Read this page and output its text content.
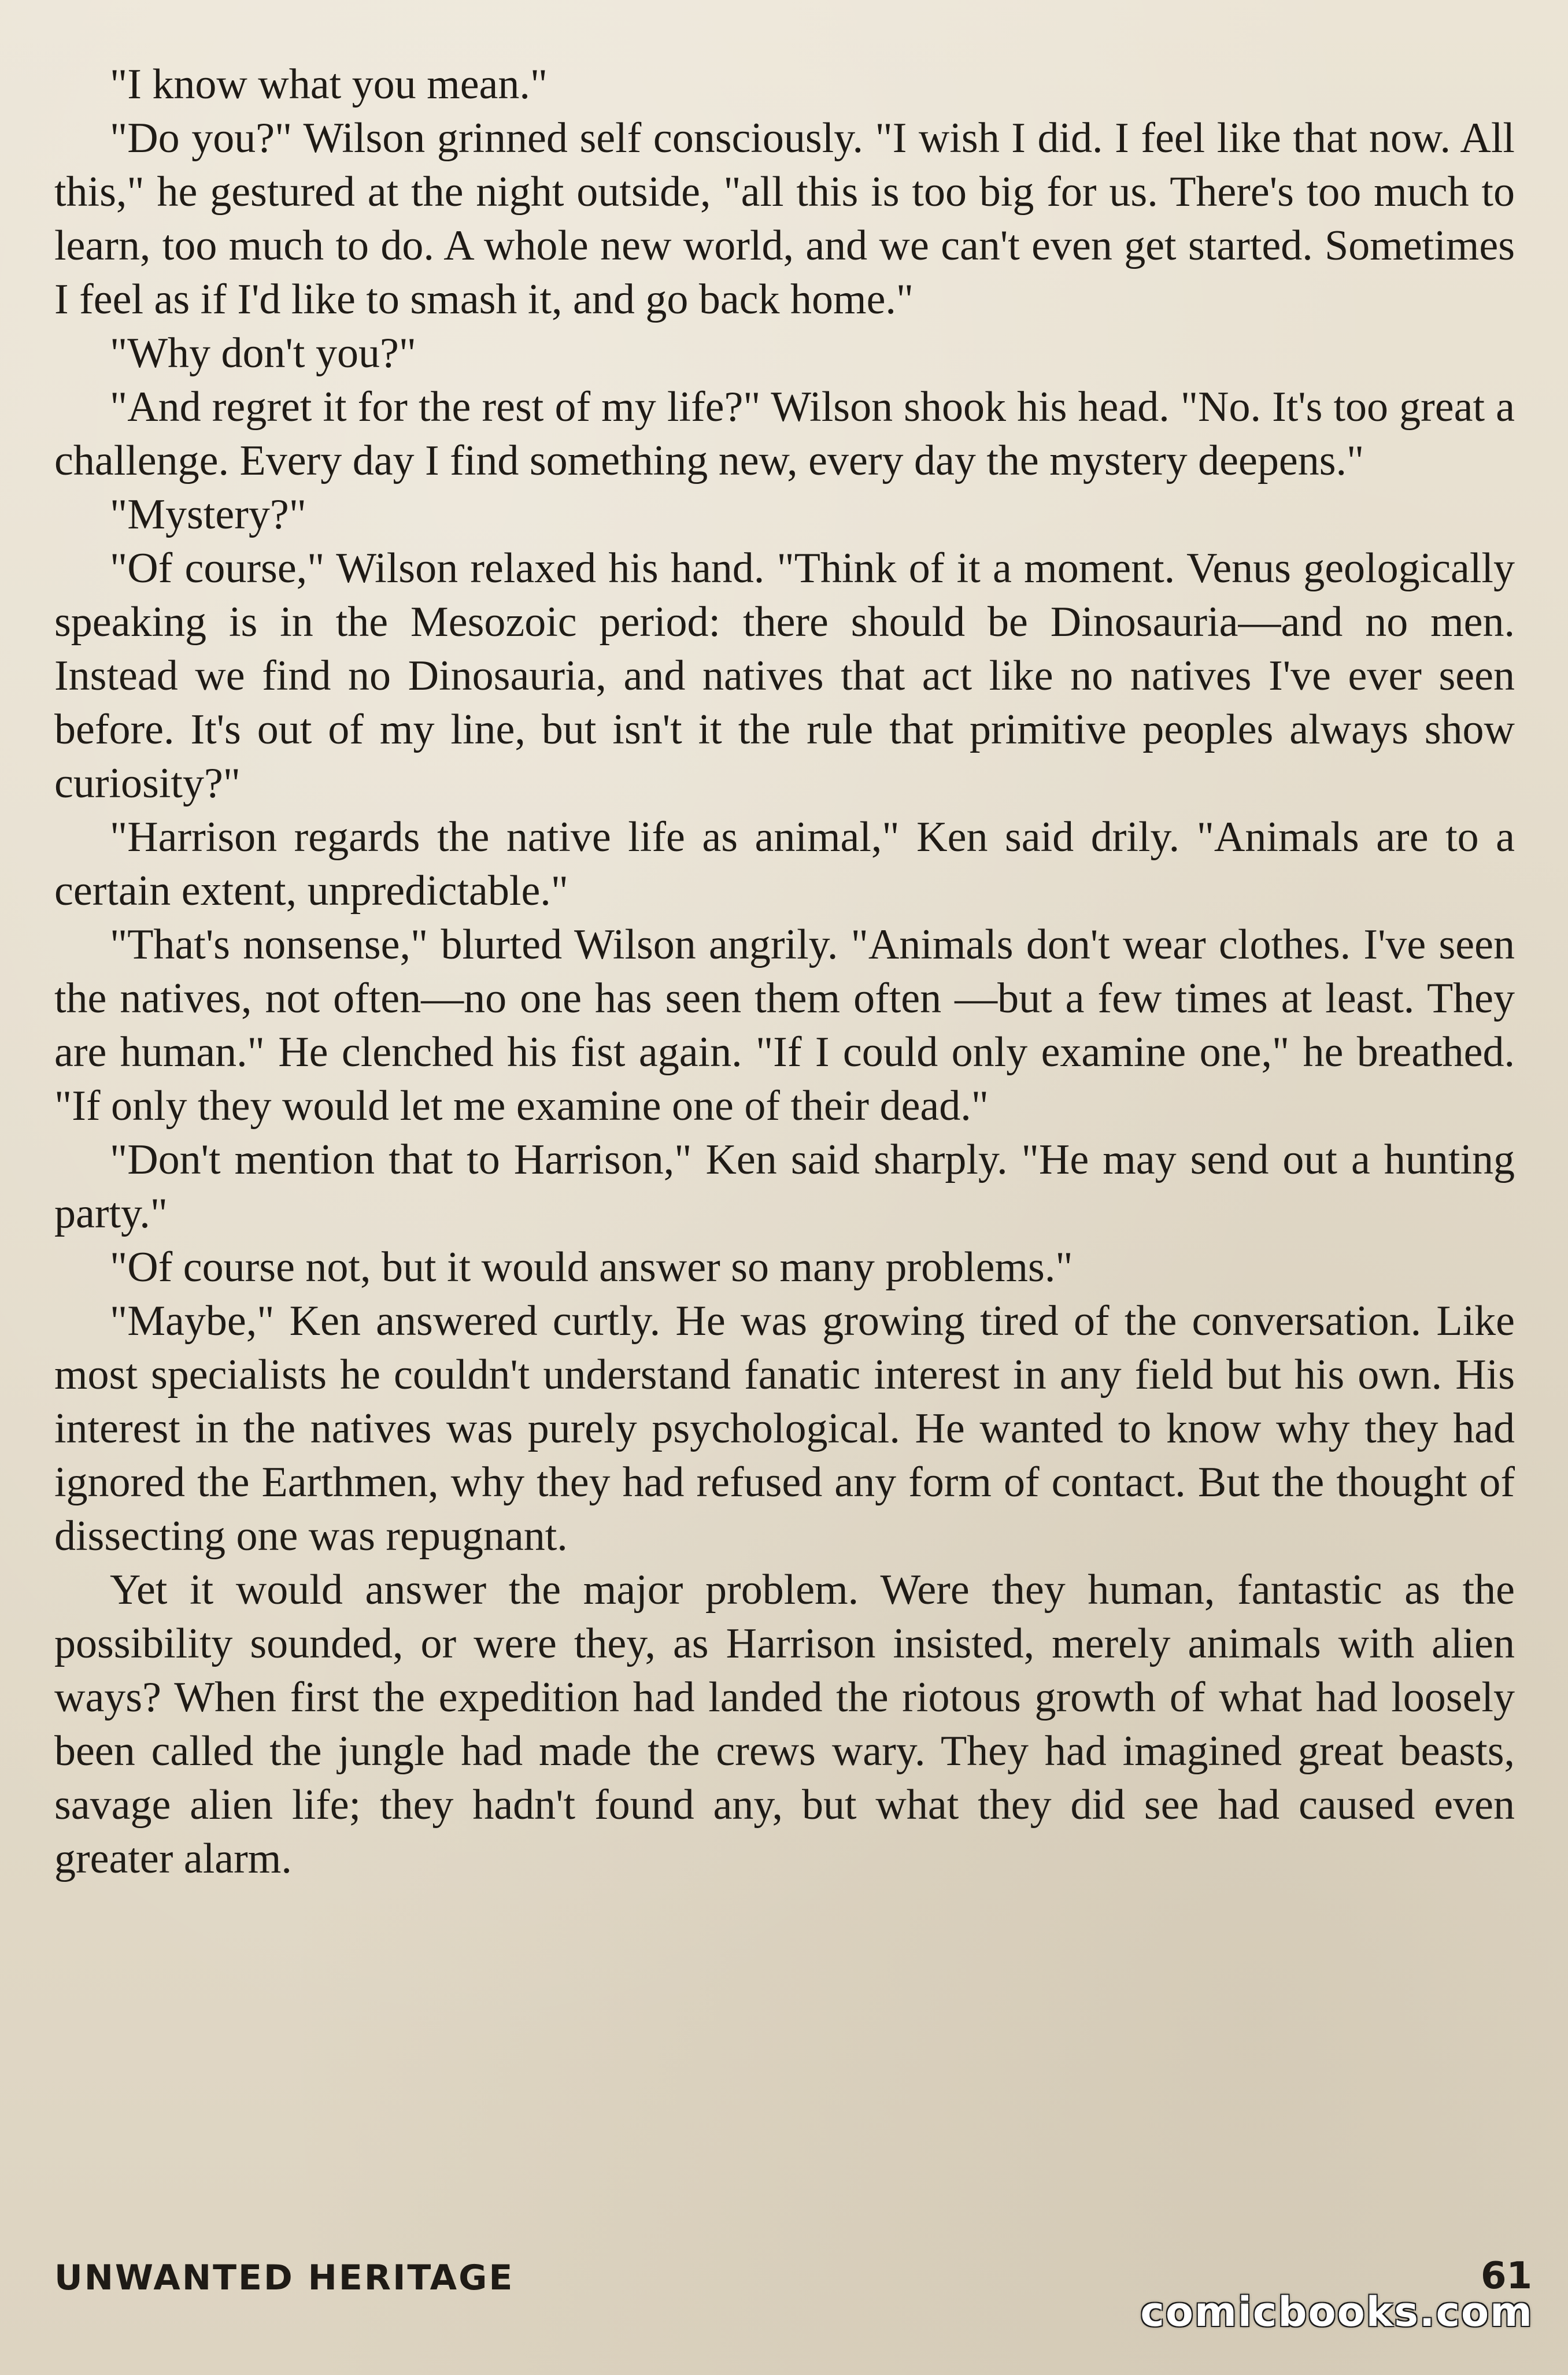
"I know what you mean."

"Do you?" Wilson grinned self consciously. "I wish I did. I feel like that now. All this," he gestured at the night outside, "all this is too big for us. There's too much to learn, too much to do. A whole new world, and we can't even get started. Sometimes I feel as if I'd like to smash it, and go back home."

"Why don't you?"

"And regret it for the rest of my life?" Wilson shook his head. "No. It's too great a challenge. Every day I find something new, every day the mystery deepens."

"Mystery?"

"Of course," Wilson relaxed his hand. "Think of it a moment. Venus geologically speaking is in the Mesozoic period: there should be Dinosauria—and no men. Instead we find no Dinosauria, and natives that act like no natives I've ever seen before. It's out of my line, but isn't it the rule that primitive peoples always show curiosity?"

"Harrison regards the native life as animal," Ken said drily. "Animals are to a certain extent, unpredictable."

"That's nonsense," blurted Wilson angrily. "Animals don't wear clothes. I've seen the natives, not often—no one has seen them often —but a few times at least. They are human." He clenched his fist again. "If I could only examine one," he breathed. "If only they would let me examine one of their dead."

"Don't mention that to Harrison," Ken said sharply. "He may send out a hunting party."

"Of course not, but it would answer so many problems."

"Maybe," Ken answered curtly. He was growing tired of the conversation. Like most specialists he couldn't understand fanatic interest in any field but his own. His interest in the natives was purely psychological. He wanted to know why they had ignored the Earthmen, why they had refused any form of contact. But the thought of dissecting one was repugnant.

Yet it would answer the major problem. Were they human, fantastic as the possibility sounded, or were they, as Harrison insisted, merely animals with alien ways? When first the expedition had landed the riotous growth of what had loosely been called the jungle had made the crews wary. They had imagined great beasts, savage alien life; they hadn't found any, but what they did see had caused even greater alarm.

UNWANTED HERITAGE	61
comicbooks.com
